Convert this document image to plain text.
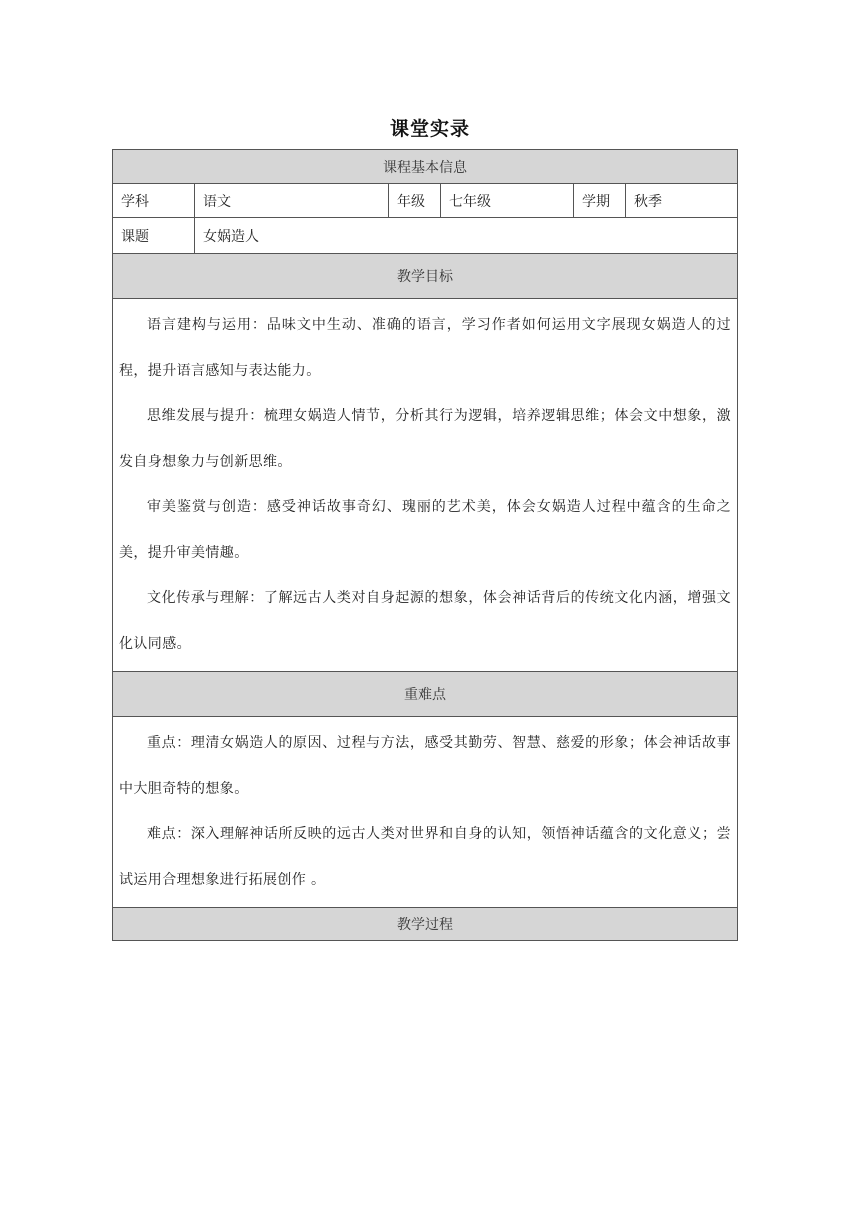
课堂实录
课程基本信息					
学科	语文	年级	七年级	学期	秋季
课题	女娲造人				
教学目标					

语言建构与运用：品味文中生动、准确的语言，学习作者如何运用文字展现女娲造人的过程，提升语言感知与表达能力。

思维发展与提升：梳理女娲造人情节，分析其行为逻辑，培养逻辑思维；体会文中想象，激发自身想象力与创新思维。

审美鉴赏与创造：感受神话故事奇幻、瑰丽的艺术美，体会女娲造人过程中蕴含的生命之美，提升审美情趣。

文化传承与理解：了解远古人类对自身起源的想象，体会神话背后的传统文化内涵，增强文化认同感。					

重难点					

重点：理清女娲造人的原因、过程与方法，感受其勤劳、智慧、慈爱的形象；体会神话故事中大胆奇特的想象。

难点：深入理解神话所反映的远古人类对世界和自身的认知，领悟神话蕴含的文化意义；尝试运用合理想象进行拓展创作 。					

教学过程					
